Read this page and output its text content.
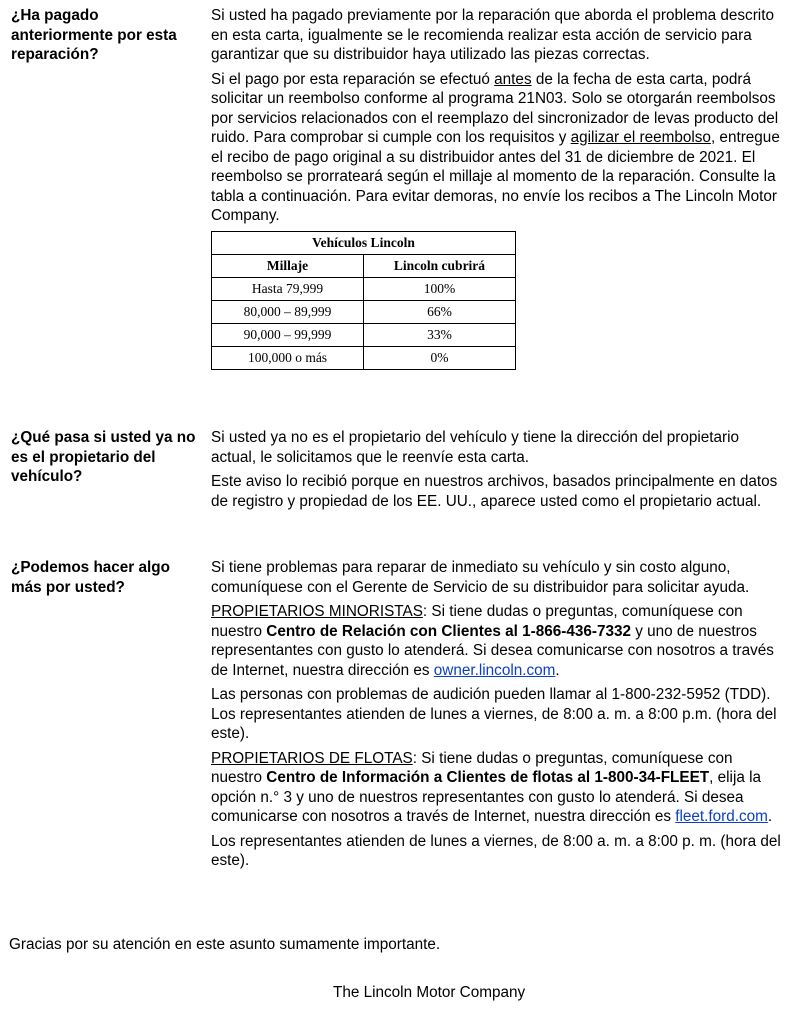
¿Ha pagado anteriormente por esta reparación?

Si usted ha pagado previamente por la reparación que aborda el problema descrito en esta carta, igualmente se le recomienda realizar esta acción de servicio para garantizar que su distribuidor haya utilizado las piezas correctas.

Si el pago por esta reparación se efectuó antes de la fecha de esta carta, podrá solicitar un reembolso conforme al programa 21N03. Solo se otorgarán reembolsos por servicios relacionados con el reemplazo del sincronizador de levas producto del ruido. Para comprobar si cumple con los requisitos y agilizar el reembolso, entregue el recibo de pago original a su distribuidor antes del 31 de diciembre de 2021. El reembolso se prorrateará según el millaje al momento de la reparación. Consulte la tabla a continuación. Para evitar demoras, no envíe los recibos a The Lincoln Motor Company.

Vehículos Lincoln	
Millaje	Lincoln cubrirá
Hasta 79,999	100%
80,000 – 89,999	66%
90,000 – 99,999	33%
100,000 o más	0%
¿Qué pasa si usted ya no es el propietario del vehículo?

Si usted ya no es el propietario del vehículo y tiene la dirección del propietario actual, le solicitamos que le reenvíe esta carta.

Este aviso lo recibió porque en nuestros archivos, basados principalmente en datos de registro y propiedad de los EE. UU., aparece usted como el propietario actual.

¿Podemos hacer algo más por usted?

Si tiene problemas para reparar de inmediato su vehículo y sin costo alguno, comuníquese con el Gerente de Servicio de su distribuidor para solicitar ayuda.

PROPIETARIOS MINORISTAS: Si tiene dudas o preguntas, comuníquese con nuestro Centro de Relación con Clientes al 1-866-436-7332 y uno de nuestros representantes con gusto lo atenderá. Si desea comunicarse con nosotros a través de Internet, nuestra dirección es owner.lincoln.com.

Las personas con problemas de audición pueden llamar al 1-800-232-5952 (TDD). Los representantes atienden de lunes a viernes, de 8:00 a. m. a 8:00 p.m. (hora del este).

PROPIETARIOS DE FLOTAS: Si tiene dudas o preguntas, comuníquese con nuestro Centro de Información a Clientes de flotas al 1-800-34-FLEET, elija la opción n.° 3 y uno de nuestros representantes con gusto lo atenderá. Si desea comunicarse con nosotros a través de Internet, nuestra dirección es fleet.ford.com.

Los representantes atienden de lunes a viernes, de 8:00 a. m. a 8:00 p. m. (hora del este).

Gracias por su atención en este asunto sumamente importante.
The Lincoln Motor Company
